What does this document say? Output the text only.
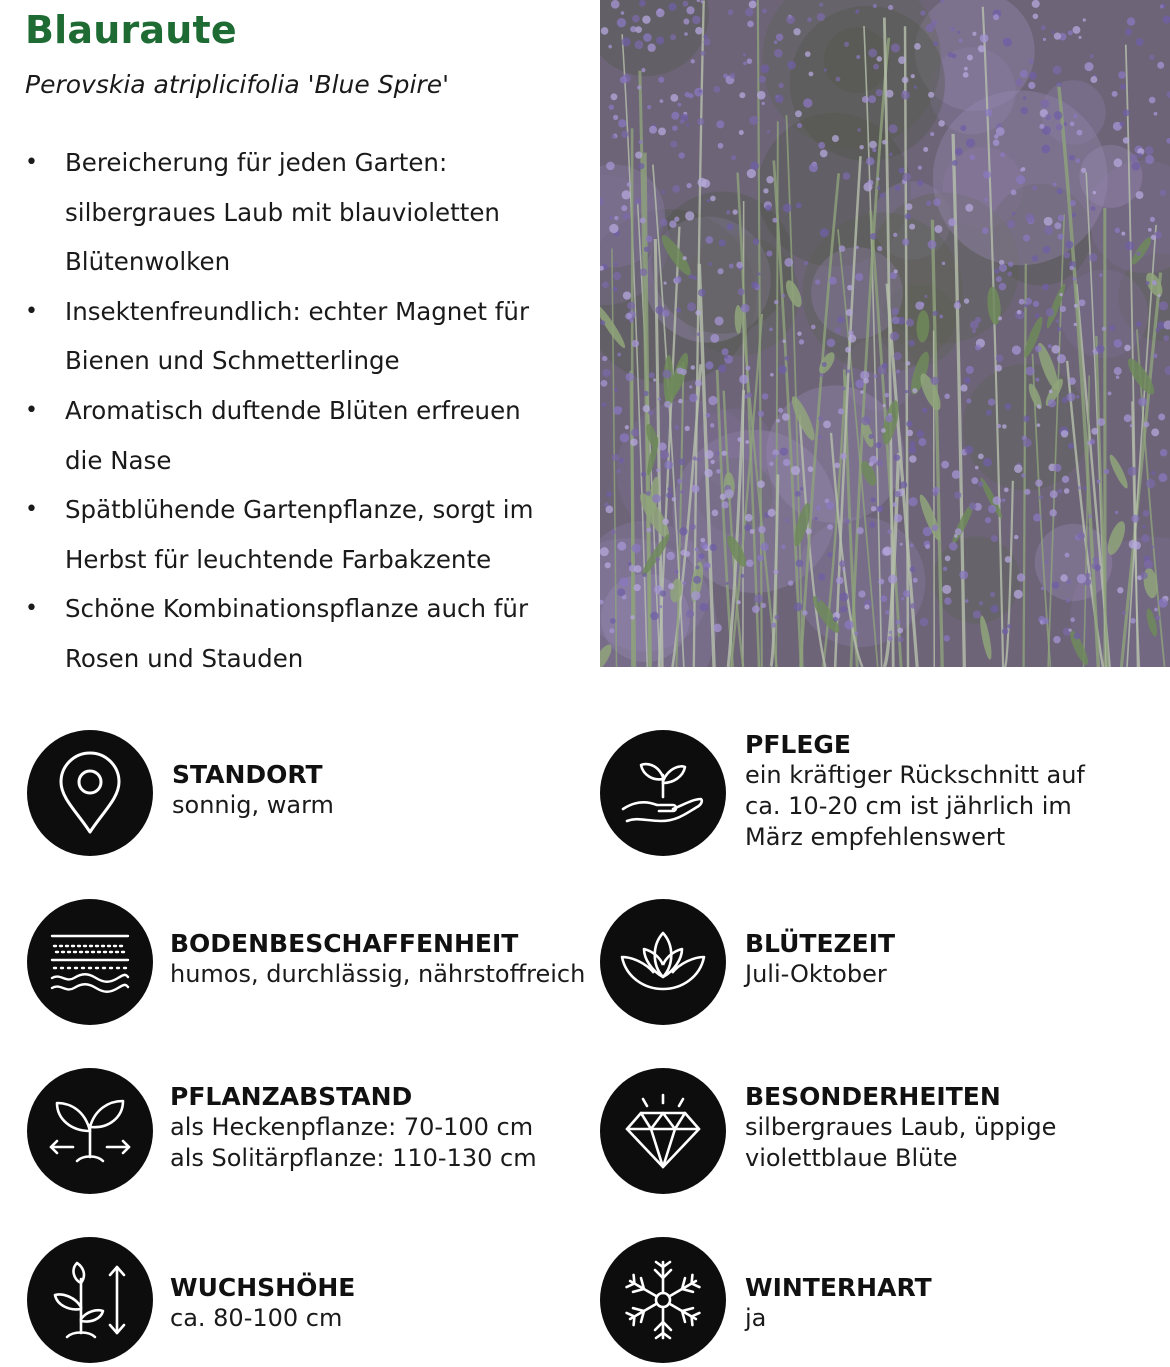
Blauraute
Perovskia atriplicifolia 'Blue Spire'
• Bereicherung für jeden Garten:
silbergraues Laub mit blauvioletten
Blütenwolken
• Insektenfreundlich: echter Magnet für
Bienen und Schmetterlinge
• Aromatisch duftende Blüten erfreuen
die Nase
• Spätblühende Gartenpflanze, sorgt im
Herbst für leuchtende Farbakzente
• Schöne Kombinationspflanze auch für
Rosen und Stauden
STANDORT
sonnig, warm
PFLEGE
ein kräftiger Rückschnitt auf
ca. 10-20 cm ist jährlich im
März empfehlenswert
BODENBESCHAFFENHEIT
humos, durchlässig, nährstoffreich
BLÜTEZEIT
Juli-Oktober
PFLANZABSTAND
als Heckenpflanze: 70-100 cm
als Solitärpflanze: 110-130 cm
BESONDERHEITEN
silbergraues Laub, üppige
violettblaue Blüte
WUCHSHÖHE
ca. 80-100 cm
WINTERHART
ja
